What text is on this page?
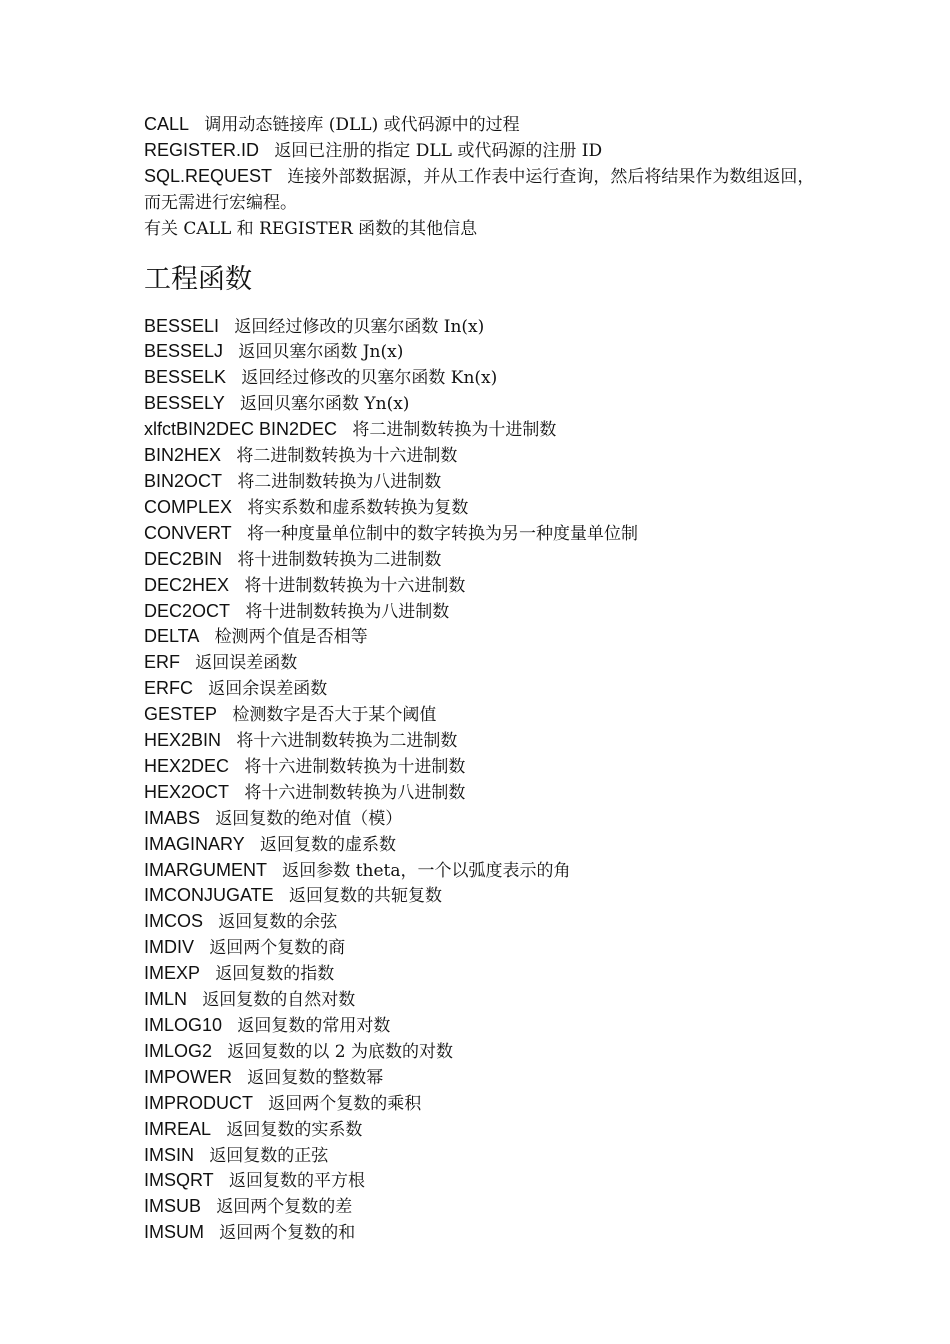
CALL 调用动态链接库 (DLL) 或代码源中的过程
REGISTER.ID 返回已注册的指定 DLL 或代码源的注册 ID
SQL.REQUEST 连接外部数据源，并从工作表中运行查询，然后将结果作为数组返回，而无需进行宏编程。
有关 CALL 和 REGISTER 函数的其他信息
工程函数
BESSELI 返回经过修改的贝塞尔函数 In(x)
BESSELJ 返回贝塞尔函数 Jn(x)
BESSELK 返回经过修改的贝塞尔函数 Kn(x)
BESSELY 返回贝塞尔函数 Yn(x)
xlfctBIN2DEC BIN2DEC 将二进制数转换为十进制数
BIN2HEX 将二进制数转换为十六进制数
BIN2OCT 将二进制数转换为八进制数
COMPLEX 将实系数和虚系数转换为复数
CONVERT 将一种度量单位制中的数字转换为另一种度量单位制
DEC2BIN 将十进制数转换为二进制数
DEC2HEX 将十进制数转换为十六进制数
DEC2OCT 将十进制数转换为八进制数
DELTA 检测两个值是否相等
ERF 返回误差函数
ERFC 返回余误差函数
GESTEP 检测数字是否大于某个阈值
HEX2BIN 将十六进制数转换为二进制数
HEX2DEC 将十六进制数转换为十进制数
HEX2OCT 将十六进制数转换为八进制数
IMABS 返回复数的绝对值（模）
IMAGINARY 返回复数的虚系数
IMARGUMENT 返回参数 theta，一个以弧度表示的角
IMCONJUGATE 返回复数的共轭复数
IMCOS 返回复数的余弦
IMDIV 返回两个复数的商
IMEXP 返回复数的指数
IMLN 返回复数的自然对数
IMLOG10 返回复数的常用对数
IMLOG2 返回复数的以 2 为底数的对数
IMPOWER 返回复数的整数幂
IMPRODUCT 返回两个复数的乘积
IMREAL 返回复数的实系数
IMSIN 返回复数的正弦
IMSQRT 返回复数的平方根
IMSUB 返回两个复数的差
IMSUM 返回两个复数的和
